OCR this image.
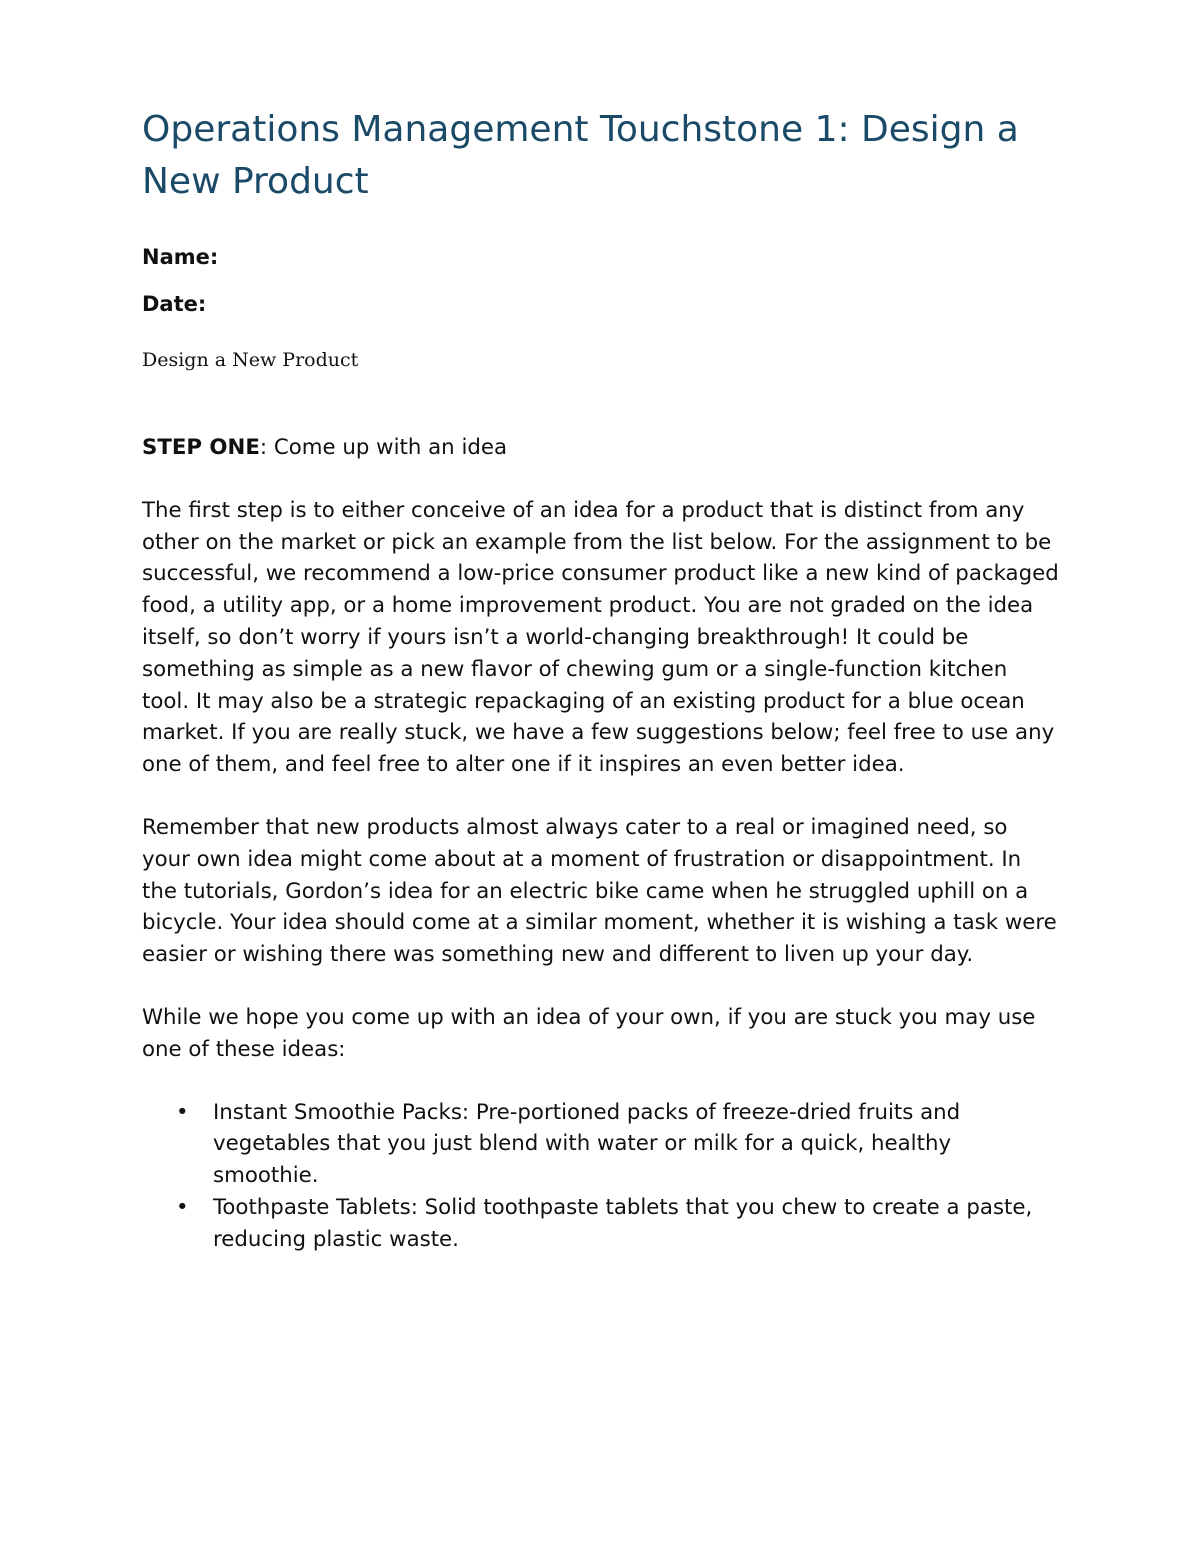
Operations Management Touchstone 1: Design a New Product

Name:

Date:

Design a New Product

STEP ONE: Come up with an idea

The first step is to either conceive of an idea for a product that is distinct from any other on the market or pick an example from the list below. For the assignment to be successful, we recommend a low-price consumer product like a new kind of packaged food, a utility app, or a home improvement product. You are not graded on the idea itself, so don’t worry if yours isn’t a world-changing breakthrough! It could be something as simple as a new flavor of chewing gum or a single-function kitchen tool. It may also be a strategic repackaging of an existing product for a blue ocean market. If you are really stuck, we have a few suggestions below; feel free to use any one of them, and feel free to alter one if it inspires an even better idea.

Remember that new products almost always cater to a real or imagined need, so your own idea might come about at a moment of frustration or disappointment. In the tutorials, Gordon’s idea for an electric bike came when he struggled uphill on a bicycle. Your idea should come at a similar moment, whether it is wishing a task were easier or wishing there was something new and different to liven up your day.

While we hope you come up with an idea of your own, if you are stuck you may use one of these ideas:

• Instant Smoothie Packs: Pre-portioned packs of freeze-dried fruits and vegetables that you just blend with water or milk for a quick, healthy smoothie.
• Toothpaste Tablets: Solid toothpaste tablets that you chew to create a paste, reducing plastic waste.
